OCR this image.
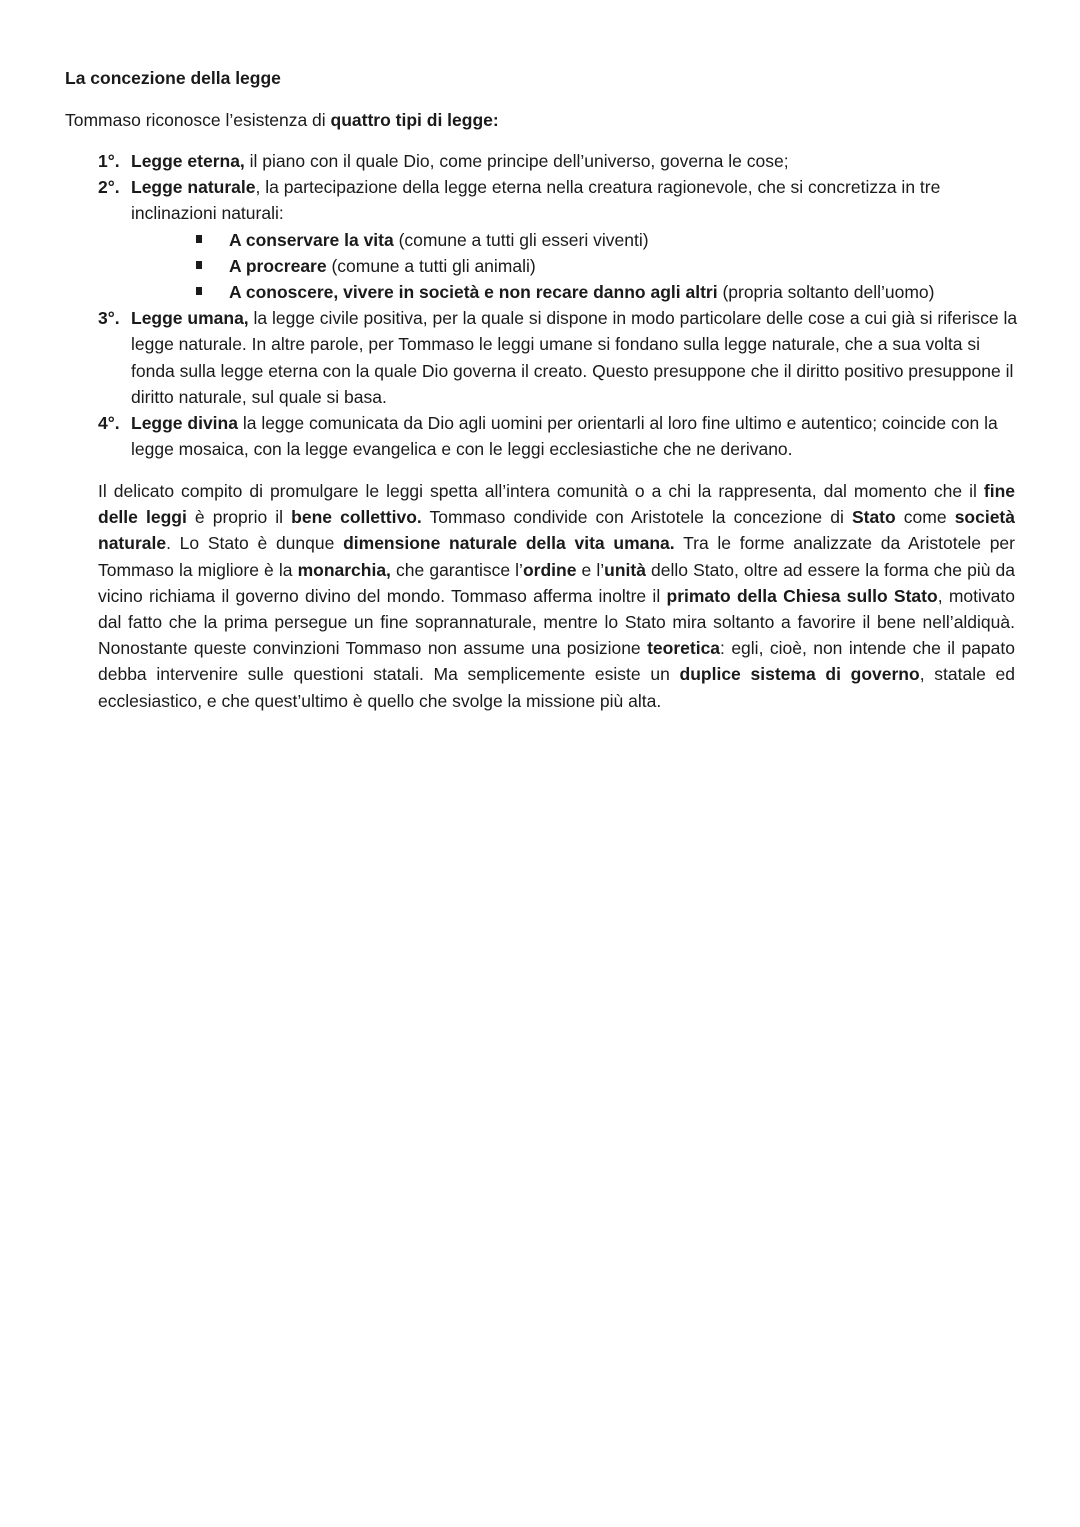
La concezione della legge
Tommaso riconosce l’esistenza di quattro tipi di legge:
1°. Legge eterna, il piano con il quale Dio, come principe dell’universo, governa le cose;
2°. Legge naturale, la partecipazione della legge eterna nella creatura ragionevole, che si concretizza in tre inclinazioni naturali:
A conservare la vita (comune a tutti gli esseri viventi)
A procreare (comune a tutti gli animali)
A conoscere, vivere in società e non recare danno agli altri (propria soltanto dell’uomo)
3°. Legge umana, la legge civile positiva, per la quale si dispone in modo particolare delle cose a cui già si riferisce la legge naturale. In altre parole, per Tommaso le leggi umane si fondano sulla legge naturale, che a sua volta si fonda sulla legge eterna con la quale Dio governa il creato. Questo presuppone che il diritto positivo presuppone il diritto naturale, sul quale si basa.
4°. Legge divina la legge comunicata da Dio agli uomini per orientarli al loro fine ultimo e autentico; coincide con la legge mosaica, con la legge evangelica e con le leggi ecclesiastiche che ne derivano.
Il delicato compito di promulgare le leggi spetta all’intera comunità o a chi la rappresenta, dal momento che il fine delle leggi è proprio il bene collettivo. Tommaso condivide con Aristotele la concezione di Stato come società naturale. Lo Stato è dunque dimensione naturale della vita umana. Tra le forme analizzate da Aristotele per Tommaso la migliore è la monarchia, che garantisce l’ordine e l’unità dello Stato, oltre ad essere la forma che più da vicino richiama il governo divino del mondo. Tommaso afferma inoltre il primato della Chiesa sullo Stato, motivato dal fatto che la prima persegue un fine soprannaturale, mentre lo Stato mira soltanto a favorire il bene nell’aldiquà. Nonostante queste convinzioni Tommaso non assume una posizione teoretica: egli, cioè, non intende che il papato debba intervenire sulle questioni statali. Ma semplicemente esiste un duplice sistema di governo, statale ed ecclesiastico, e che quest’ultimo è quello che svolge la missione più alta.
